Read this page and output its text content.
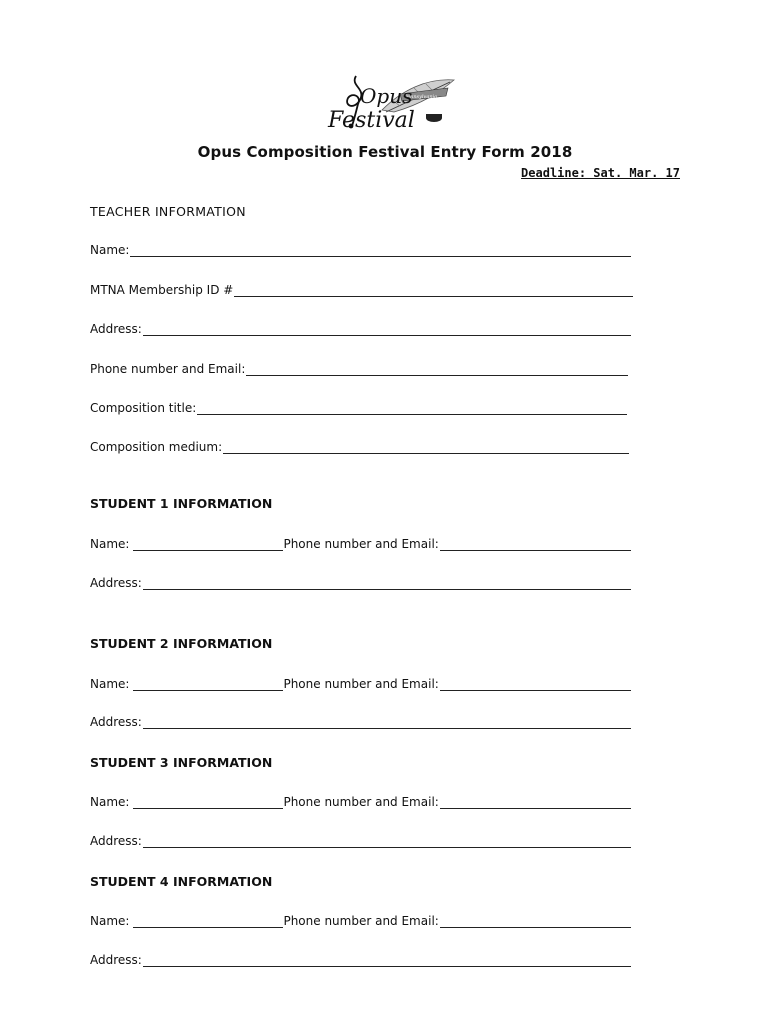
Pennsylvania
Opus
Festival
Opus Composition Festival Entry Form 2018
Deadline: Sat. Mar. 17
TEACHER INFORMATION
Name:
MTNA Membership ID #
Address:
Phone number and Email:
Composition title:
Composition medium:
STUDENT 1 INFORMATION
Name:	Phone number and Email:
Address:
STUDENT 2 INFORMATION
Name:	Phone number and Email:
Address:
STUDENT 3 INFORMATION
Name:	Phone number and Email:
Address:
STUDENT 4 INFORMATION
Name:	Phone number and Email:
Address:
